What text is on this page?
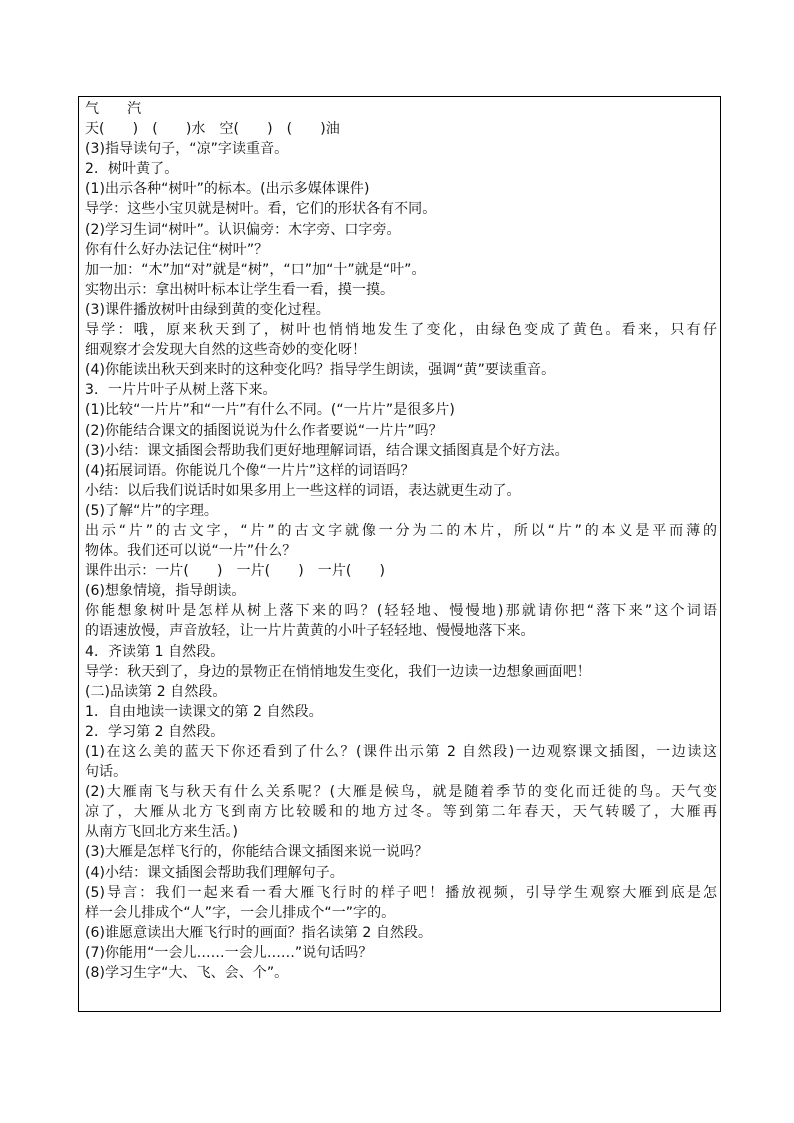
气　　汽
天(　　)　(　　)水　空(　　)　(　　)油
(3)指导读句子，“凉”字读重音。
2．树叶黄了。
(1)出示各种“树叶”的标本。(出示多媒体课件)
导学：这些小宝贝就是树叶。看，它们的形状各有不同。
(2)学习生词“树叶”。认识偏旁：木字旁、口字旁。
你有什么好办法记住“树叶”？
加一加：“木”加“对”就是“树”，“口”加“十”就是“叶”。
实物出示：拿出树叶标本让学生看一看，摸一摸。
(3)课件播放树叶由绿到黄的变化过程。
导学：哦，原来秋天到了，树叶也悄悄地发生了变化，由绿色变成了黄色。看来，只有仔
细观察才会发现大自然的这些奇妙的变化呀！
(4)你能读出秋天到来时的这种变化吗？指导学生朗读，强调“黄”要读重音。
3．一片片叶子从树上落下来。
(1)比较“一片片”和“一片”有什么不同。(“一片片”是很多片)
(2)你能结合课文的插图说说为什么作者要说“一片片”吗？
(3)小结：课文插图会帮助我们更好地理解词语，结合课文插图真是个好方法。
(4)拓展词语。你能说几个像“一片片”这样的词语吗？
小结：以后我们说话时如果多用上一些这样的词语，表达就更生动了。
(5)了解“片”的字理。
出示“片”的古文字，“片”的古文字就像一分为二的木片，所以“片”的本义是平而薄的
物体。我们还可以说“一片”什么？
课件出示：一片(　　)　一片(　　)　一片(　　)
(6)想象情境，指导朗读。
你能想象树叶是怎样从树上落下来的吗？(轻轻地、慢慢地)那就请你把“落下来”这个词语
的语速放慢，声音放轻，让一片片黄黄的小叶子轻轻地、慢慢地落下来。
4．齐读第 1 自然段。
导学：秋天到了，身边的景物正在悄悄地发生变化，我们一边读一边想象画面吧！
(二)品读第 2 自然段。
1．自由地读一读课文的第 2 自然段。
2．学习第 2 自然段。
(1)在这么美的蓝天下你还看到了什么？(课件出示第 2 自然段)一边观察课文插图，一边读这
句话。
(2)大雁南飞与秋天有什么关系呢？(大雁是候鸟，就是随着季节的变化而迁徙的鸟。天气变
凉了，大雁从北方飞到南方比较暖和的地方过冬。等到第二年春天，天气转暖了，大雁再
从南方飞回北方来生活。)
(3)大雁是怎样飞行的，你能结合课文插图来说一说吗？
(4)小结：课文插图会帮助我们理解句子。
(5)导言：我们一起来看一看大雁飞行时的样子吧！播放视频，引导学生观察大雁到底是怎
样一会儿排成个“人”字，一会儿排成个“一”字的。
(6)谁愿意读出大雁飞行时的画面？指名读第 2 自然段。
(7)你能用“一会儿……一会儿……”说句话吗？
(8)学习生字“大、飞、会、个”。
